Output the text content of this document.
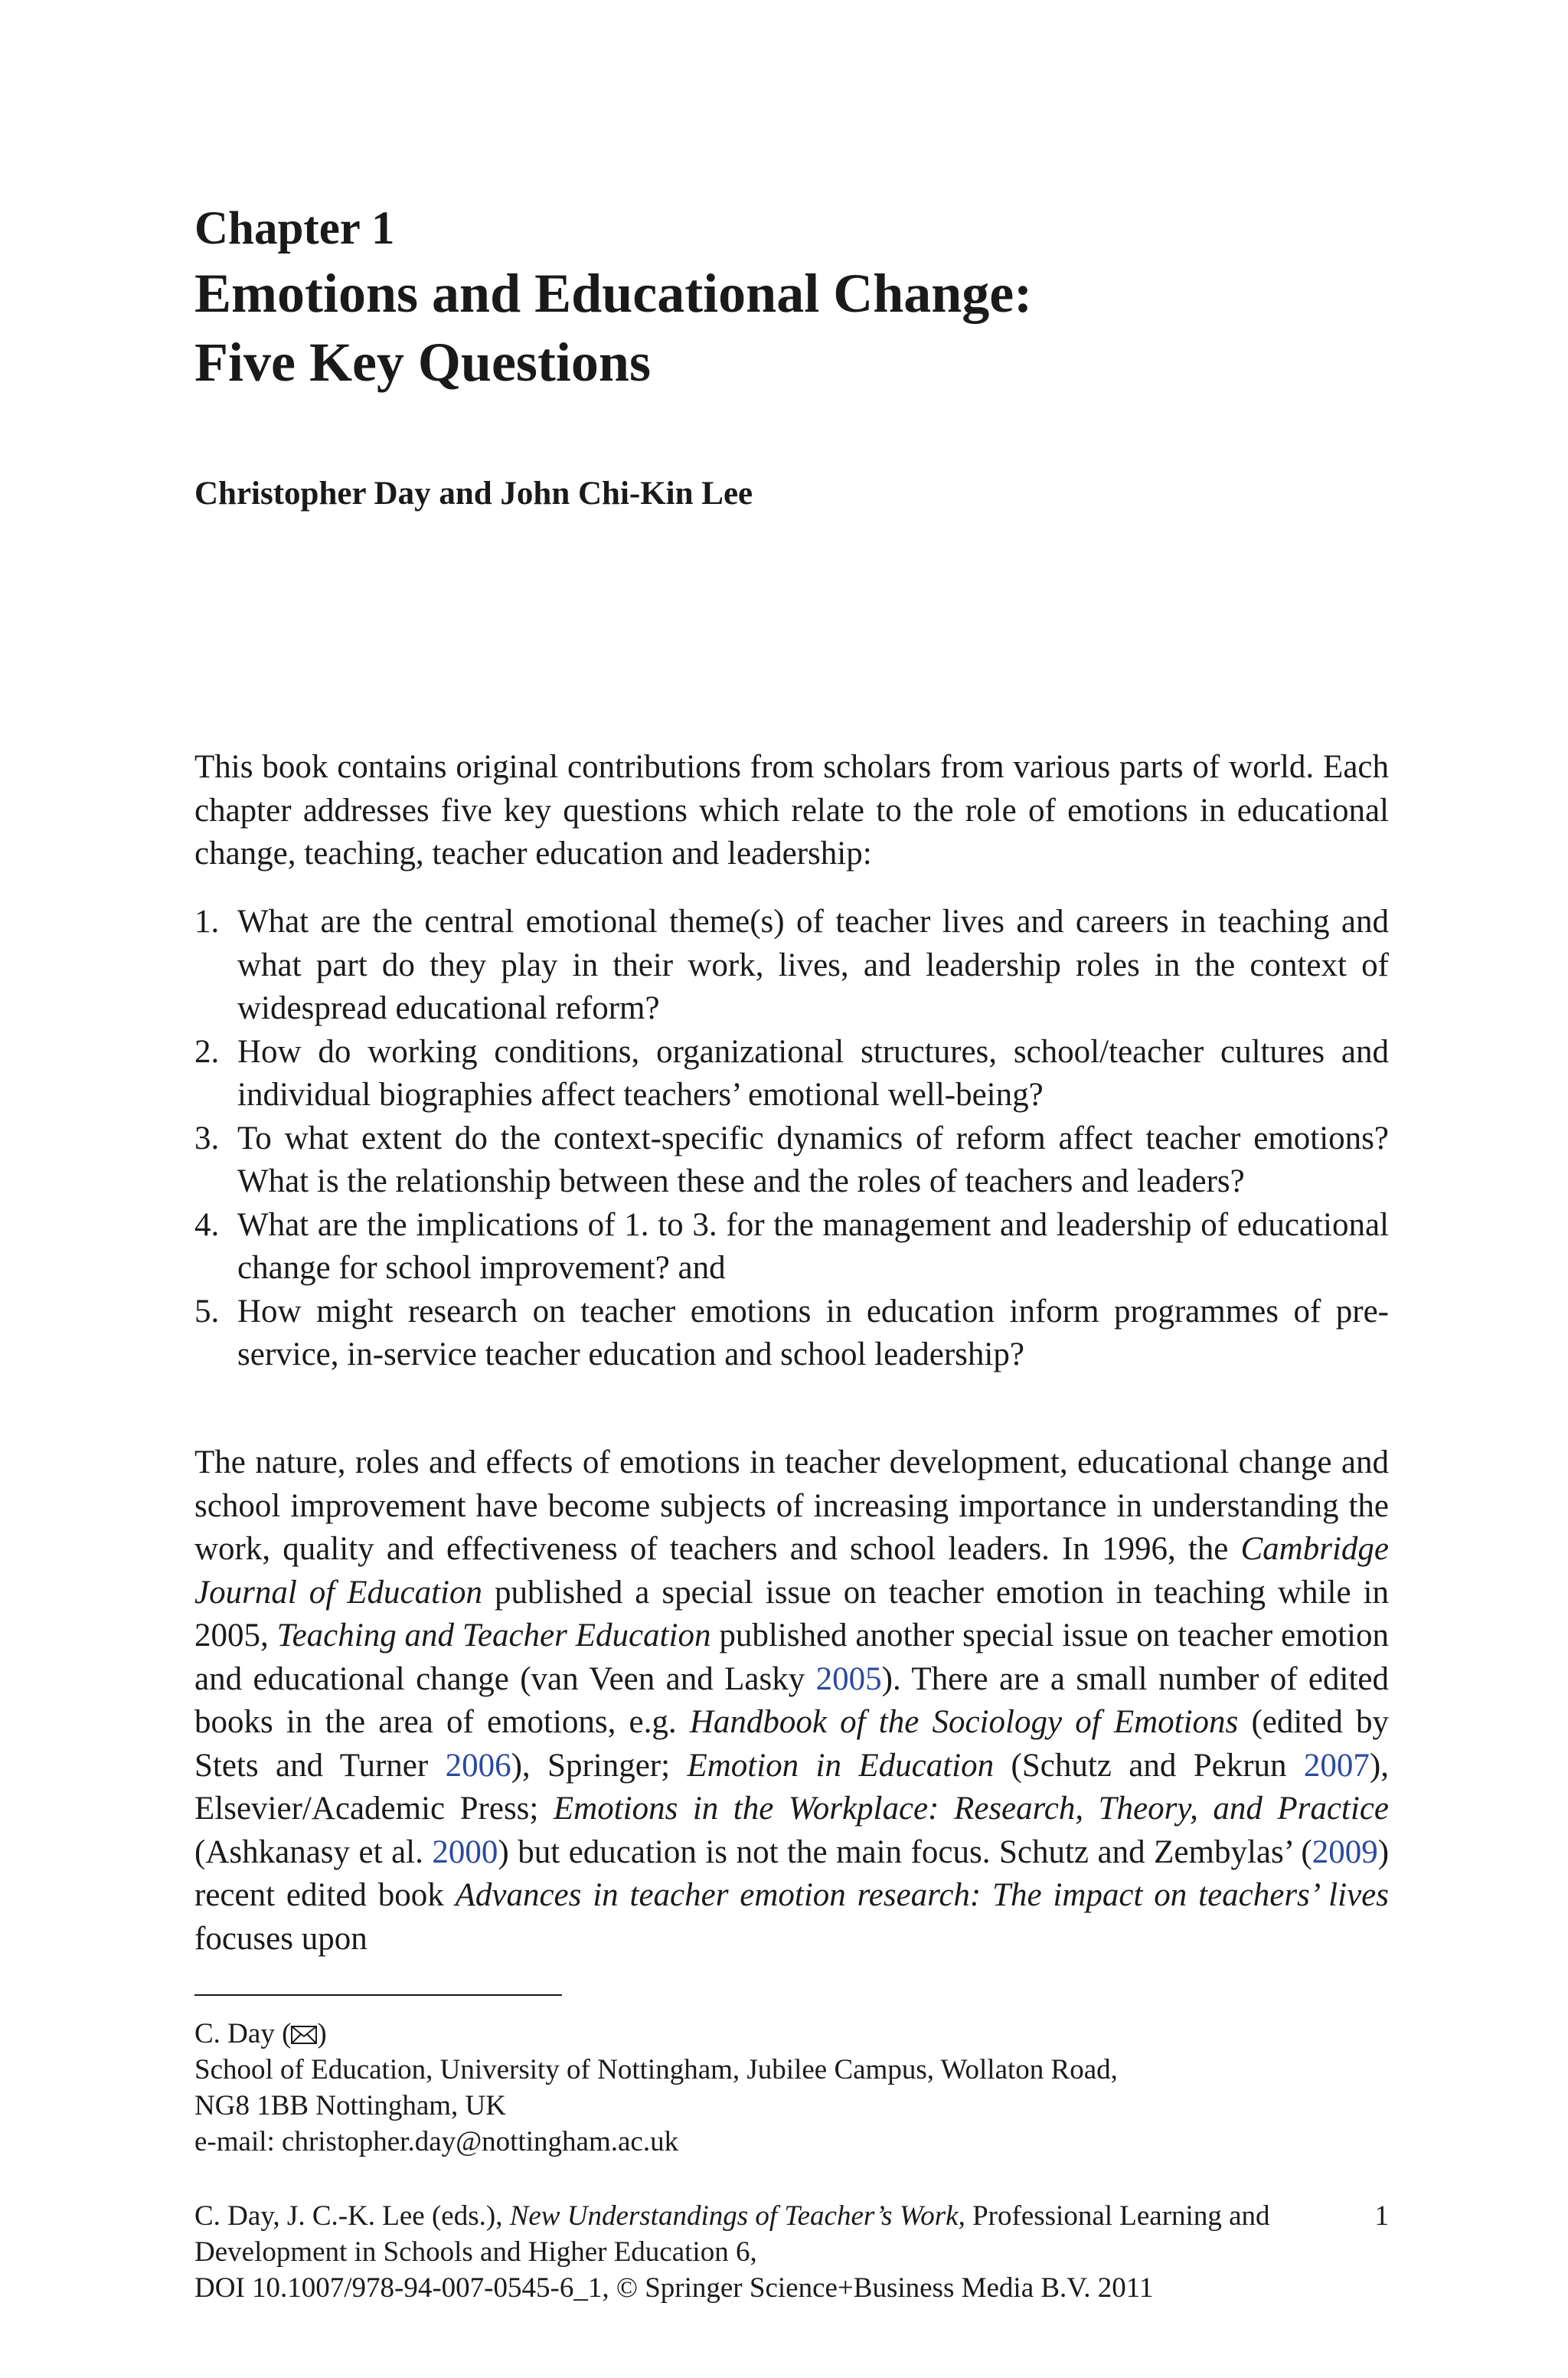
Chapter 1
Emotions and Educational Change:
Five Key Questions
Christopher Day and John Chi-Kin Lee

This book contains original contributions from scholars from various parts of world. Each chapter addresses five key questions which relate to the role of emotions in educational change, teaching, teacher education and leadership:

1. What are the central emotional theme(s) of teacher lives and careers in teaching and what part do they play in their work, lives, and leadership roles in the context of widespread educational reform?
2. How do working conditions, organizational structures, school/teacher cultures and individual biographies affect teachers’ emotional well-being?
3. To what extent do the context-specific dynamics of reform affect teacher emotions? What is the relationship between these and the roles of teachers and leaders?
4. What are the implications of 1. to 3. for the management and leadership of educational change for school improvement? and
5. How might research on teacher emotions in education inform programmes of pre-service, in-service teacher education and school leadership?

The nature, roles and effects of emotions in teacher development, educational change and school improvement have become subjects of increasing importance in understanding the work, quality and effectiveness of teachers and school leaders. In 1996, the Cambridge Journal of Education published a special issue on teacher emotion in teaching while in 2005, Teaching and Teacher Education published another special issue on teacher emotion and educational change (van Veen and Lasky 2005). There are a small number of edited books in the area of emotions, e.g. Handbook of the Sociology of Emotions (edited by Stets and Turner 2006), Springer; Emotion in Education (Schutz and Pekrun 2007), Elsevier/Academic Press; Emotions in the Workplace: Research, Theory, and Practice (Ashkanasy et al. 2000) but education is not the main focus. Schutz and Zembylas’ (2009) recent edited book Advances in teacher emotion research: The impact on teachers’ lives focuses upon

C. Day ( )
School of Education, University of Nottingham, Jubilee Campus, Wollaton Road,
NG8 1BB Nottingham, UK
e-mail: christopher.day@nottingham.ac.uk
C. Day, J. C.-K. Lee (eds.), New Understandings of Teacher’s Work, Professional Learning and Development in Schools and Higher Education 6,
DOI 10.1007/978-94-007-0545-6_1, © Springer Science+Business Media B.V. 2011
1
